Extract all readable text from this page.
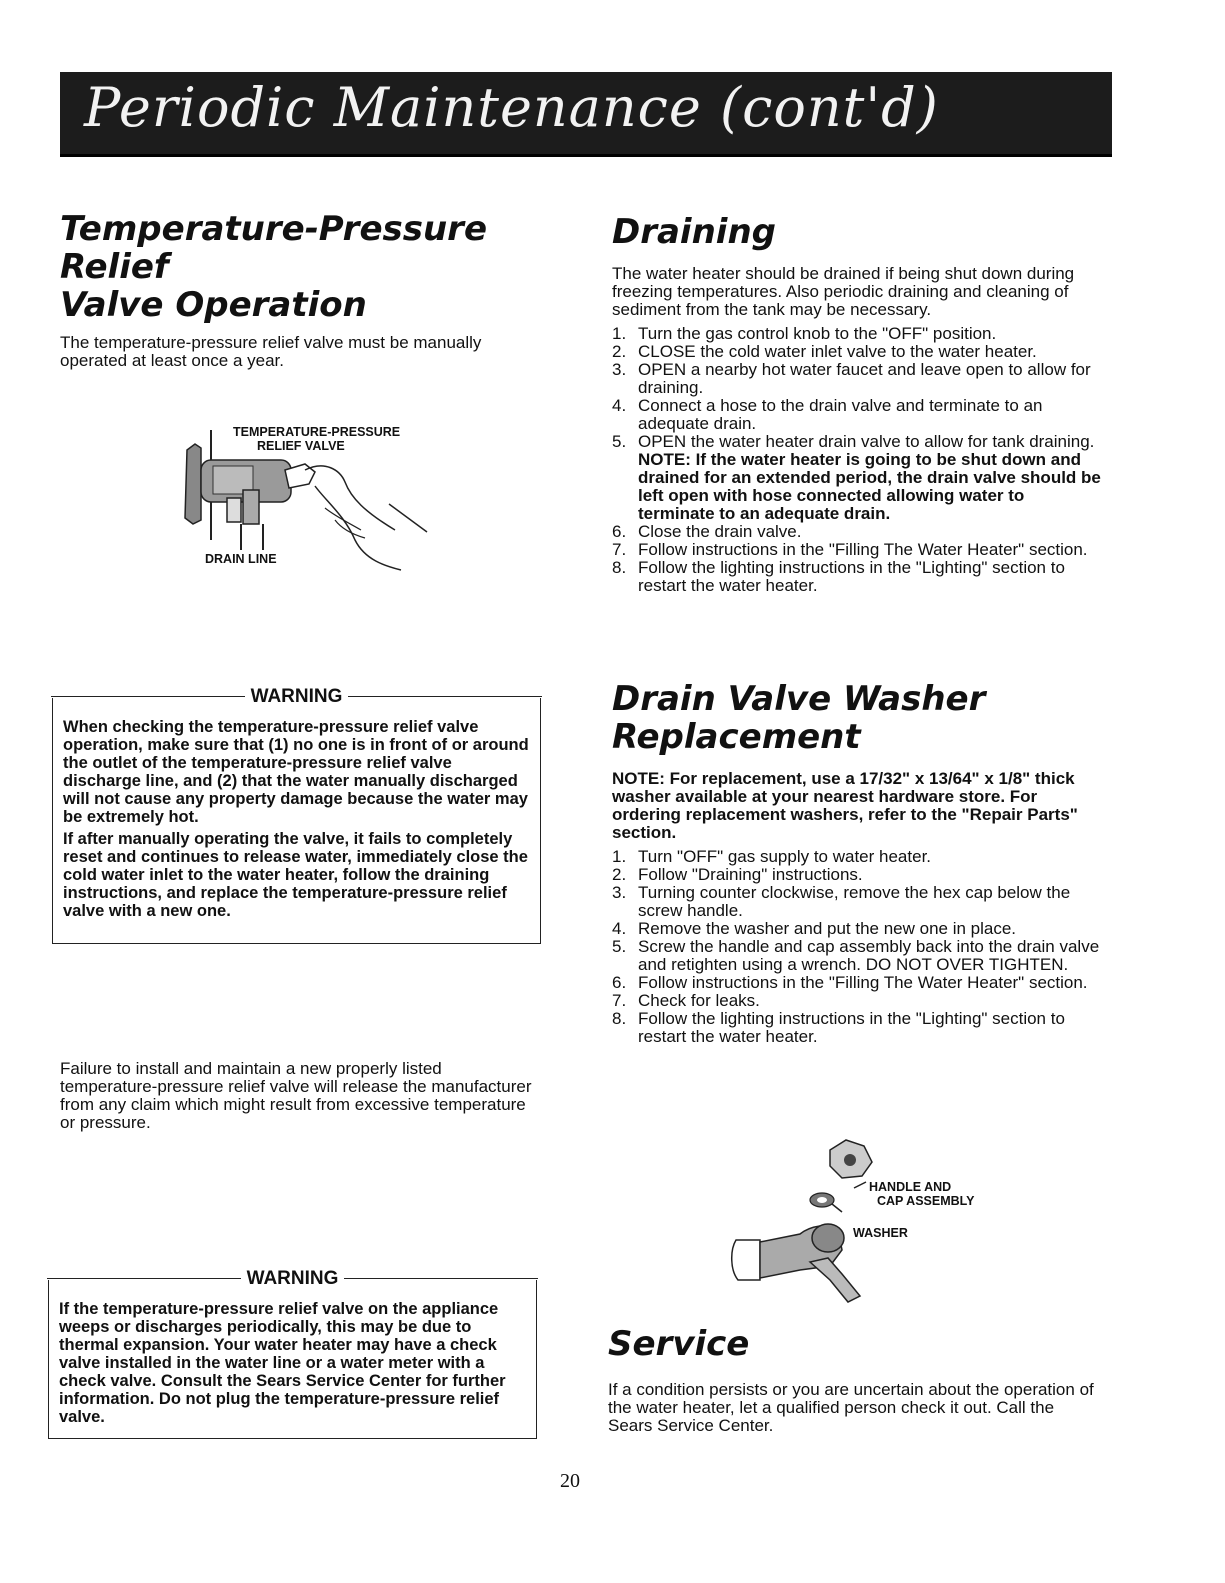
Periodic Maintenance (cont'd)
Temperature-Pressure Relief
Valve Operation

The temperature-pressure relief valve must be manually operated at least once a year.

TEMPERATURE-PRESSURE
RELIEF VALVE
DRAIN LINE
WARNING

When checking the temperature-pressure relief valve operation, make sure that (1) no one is in front of or around the outlet of the temperature-pressure relief valve discharge line, and (2) that the water manually discharged will not cause any property damage because the water may be extremely hot.

If after manually operating the valve, it fails to completely reset and continues to release water, immediately close the cold water inlet to the water heater, follow the draining instructions, and replace the temperature-pressure relief valve with a new one.

Failure to install and maintain a new properly listed temperature-pressure relief valve will release the manufacturer from any claim which might result from excessive temperature or pressure.

WARNING

If the temperature-pressure relief valve on the appliance weeps or discharges periodically, this may be due to thermal expansion. Your water heater may have a check valve installed in the water line or a water meter with a check valve. Consult the Sears Service Center for further information. Do not plug the temperature-pressure relief valve.

Draining

The water heater should be drained if being shut down during freezing temperatures. Also periodic draining and cleaning of sediment from the tank may be necessary.

1. Turn the gas control knob to the "OFF" position.
2. CLOSE the cold water inlet valve to the water heater.
3. OPEN a nearby hot water faucet and leave open to allow for draining.
4. Connect a hose to the drain valve and terminate to an adequate drain.
5. OPEN the water heater drain valve to allow for tank draining.
NOTE: If the water heater is going to be shut down and drained for an extended period, the drain valve should be left open with hose connected allowing water to terminate to an adequate drain.
6. Close the drain valve.
7. Follow instructions in the "Filling The Water Heater" section.
8. Follow the lighting instructions in the "Lighting" section to restart the water heater.
Drain Valve Washer
Replacement

NOTE: For replacement, use a 17/32" x 13/64" x 1/8" thick washer available at your nearest hardware store. For ordering replacement washers, refer to the "Repair Parts" section.

1. Turn "OFF" gas supply to water heater.
2. Follow "Draining" instructions.
3. Turning counter clockwise, remove the hex cap below the screw handle.
4. Remove the washer and put the new one in place.
5. Screw the handle and cap assembly back into the drain valve and retighten using a wrench. DO NOT OVER TIGHTEN.
6. Follow instructions in the "Filling The Water Heater" section.
7. Check for leaks.
8. Follow the lighting instructions in the "Lighting" section to restart the water heater.
HANDLE AND
CAP ASSEMBLY
WASHER
Service

If a condition persists or you are uncertain about the operation of the water heater, let a qualified person check it out. Call the Sears Service Center.

20
